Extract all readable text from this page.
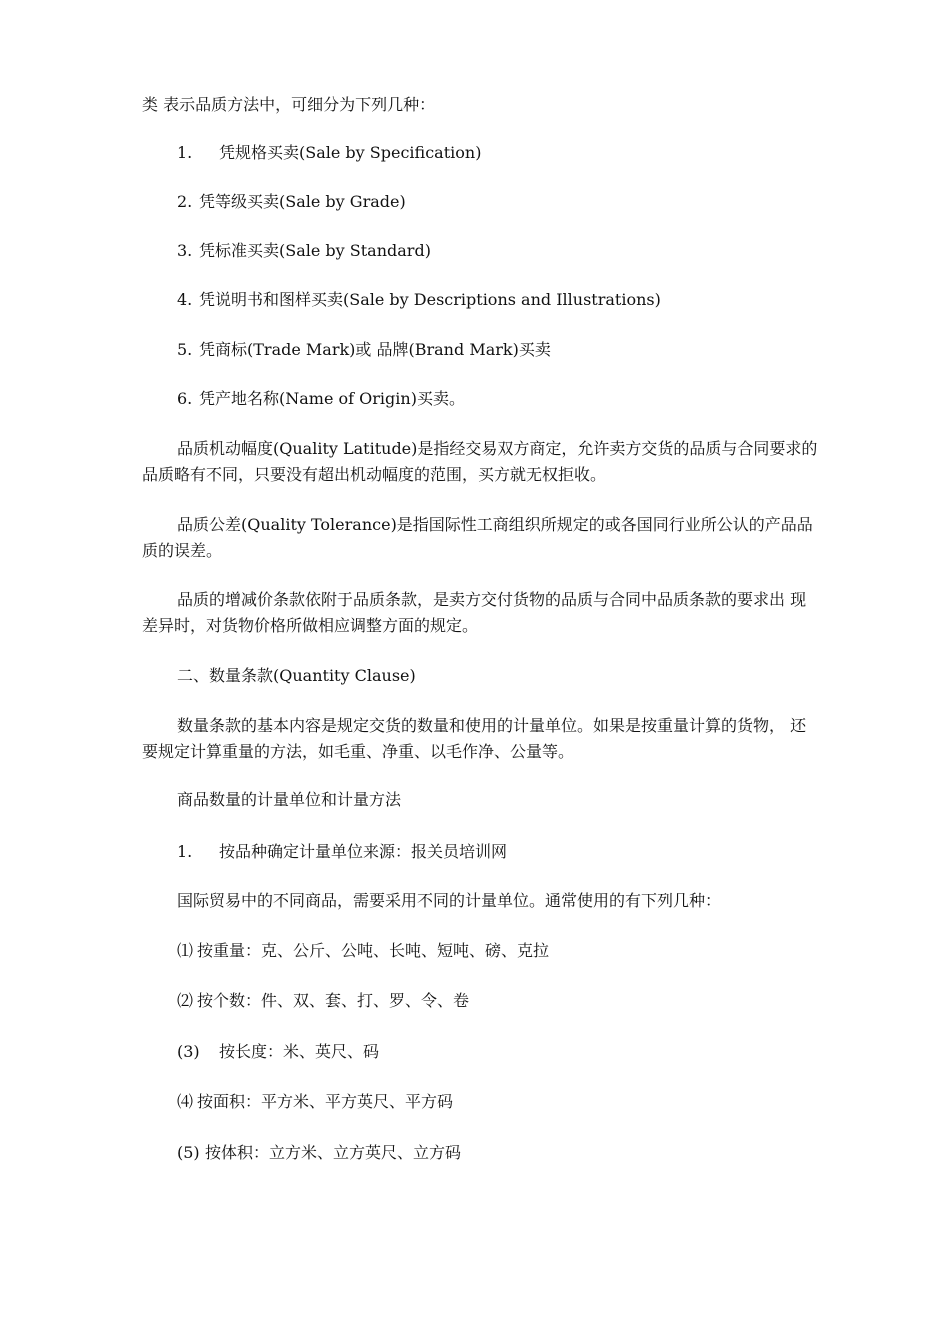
类 表示品质方法中，可细分为下列几种：
1. 凭规格买卖(Sale by Specification)
2. 凭等级买卖(Sale by Grade)
3. 凭标准买卖(Sale by Standard)
4. 凭说明书和图样买卖(Sale by Descriptions and Illustrations)
5. 凭商标(Trade Mark)或 品牌(Brand Mark)买卖
6. 凭产地名称(Name of Origin)买卖。
品质机动幅度(Quality Latitude)是指经交易双方商定，允许卖方交货的品质与合同要求的品质略有不同，只要没有超出机动幅度的范围，买方就无权拒收。
品质公差(Quality Tolerance)是指国际性工商组织所规定的或各国同行业所公认的产品品质的误差。
品质的增减价条款依附于品质条款，是卖方交付货物的品质与合同中品质条款的要求出 现差异时，对货物价格所做相应调整方面的规定。
二、数量条款(Quantity Clause)
数量条款的基本内容是规定交货的数量和使用的计量单位。如果是按重量计算的货物， 还要规定计算重量的方法，如毛重、净重、以毛作净、公量等。
商品数量的计量单位和计量方法
1. 按品种确定计量单位来源：报关员培训网
国际贸易中的不同商品，需要采用不同的计量单位。通常使用的有下列几种：
⑴ 按重量：克、公斤、公吨、长吨、短吨、磅、克拉
⑵ 按个数：件、双、套、打、罗、令、卷
(3) 按长度：米、英尺、码
⑷ 按面积：平方米、平方英尺、平方码
(5) 按体积：立方米、立方英尺、立方码
